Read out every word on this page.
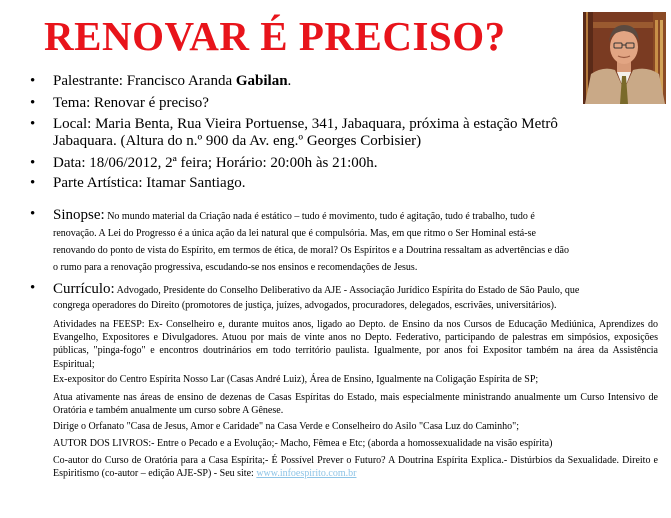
RENOVAR É PRECISO?
• Palestrante: Francisco Aranda Gabilan.
• Tema: Renovar é preciso?
• Local: Maria Benta, Rua Vieira Portuense, 341, Jabaquara, próxima à estação Metrô
Jabaquara. (Altura do n.º 900 da Av. eng.º Georges Corbisier)
• Data: 18/06/2012, 2ª feira; Horário: 20:00h às 21:00h.
• Parte Artística: Itamar Santiago.
• Sinopse: No mundo material da Criação nada é estático – tudo é movimento, tudo é agitação, tudo é trabalho, tudo é
renovação. A Lei do Progresso é a única ação da lei natural que é compulsória. Mas, em que ritmo o Ser Hominal está-se
renovando do ponto de vista do Espírito, em termos de ética, de moral? Os Espíritos e a Doutrina ressaltam as advertências e dão
o rumo para a renovação progressiva, escudando-se nos ensinos e recomendações de Jesus.
• Currículo: Advogado, Presidente do Conselho Deliberativo da AJE - Associação Jurídico Espírita do Estado de São Paulo, que
congrega operadores do Direito (promotores de justiça, juízes, advogados, procuradores, delegados, escrivães, universitários).
Atividades na FEESP: Ex- Conselheiro e, durante muitos anos, ligado ao Depto. de Ensino da nos Cursos de Educação Mediúnica, Aprendizes do Evangelho, Expositores e Divulgadores. Atuou por mais de vinte anos no Depto. Federativo, participando de palestras em simpósios, exposições públicas, "pinga-fogo" e encontros doutrinários em todo território paulista. Igualmente, por anos foi Expositor também na área da Assistência Espiritual;
Ex-expositor do Centro Espírita Nosso Lar (Casas André Luiz), Área de Ensino, Igualmente na Coligação Espírita de SP;
Atua ativamente nas áreas de ensino de dezenas de Casas Espíritas do Estado, mais especialmente ministrando anualmente um Curso Intensivo de Oratória e também anualmente um curso sobre A Gênese.
Dirige o Orfanato "Casa de Jesus, Amor e Caridade" na Casa Verde e Conselheiro do Asilo "Casa Luz do Caminho";
AUTOR DOS LIVROS:- Entre o Pecado e a Evolução;- Macho, Fêmea e Etc; (aborda a homossexualidade na visão espírita)
Co-autor do Curso de Oratória para a Casa Espírita;- É Possível Prever o Futuro? A Doutrina Espírita Explica.- Distúrbios da Sexualidade. Direito e Espiritismo (co-autor – edição AJE-SP) - Seu site: www.infoespirito.com.br
